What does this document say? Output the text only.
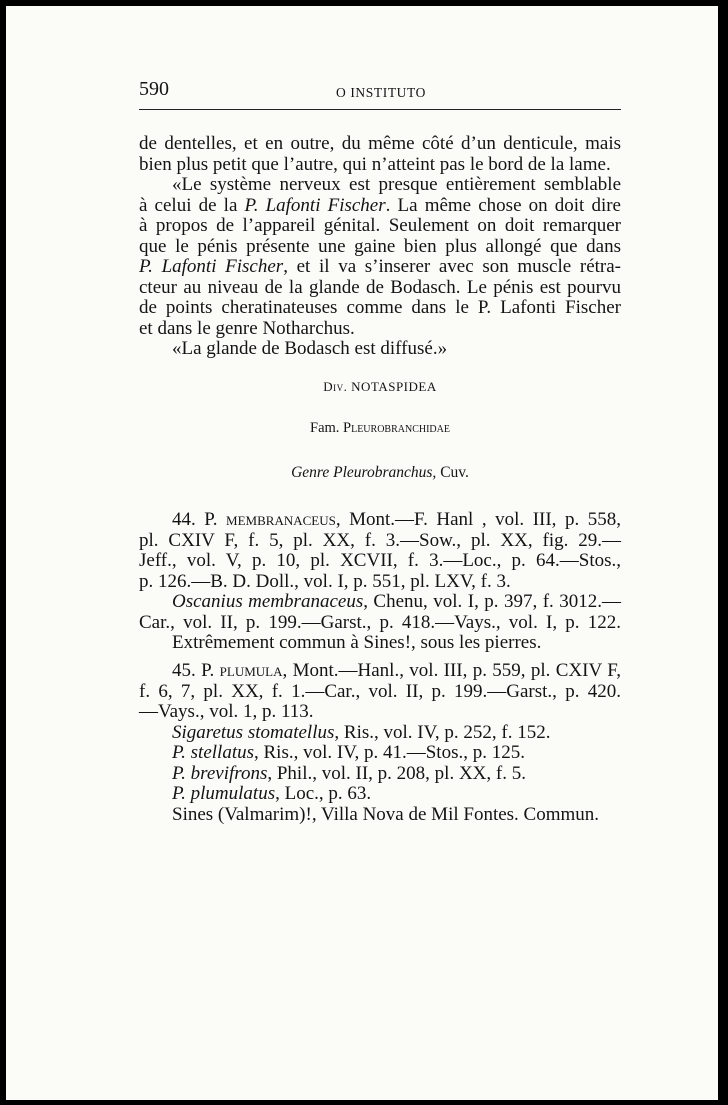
590	O INSTITUTO
de dentelles, et en outre, du même côté d’un denticule, mais
bien plus petit que l’autre, qui n’atteint pas le bord de la lame.
«Le système nerveux est presque entièrement semblable
à celui de la P. Lafonti Fischer. La même chose on doit dire
à propos de l’appareil génital. Seulement on doit remarquer
que le pénis présente une gaine bien plus allongé que dans
P. Lafonti Fischer, et il va s’inserer avec son muscle rétra-
cteur au niveau de la glande de Bodasch. Le pénis est pourvu
de points cheratinateuses comme dans le P. Lafonti Fischer
et dans le genre Notharchus.
«La glande de Bodasch est diffusé.»
Div. NOTASPIDEA
Fam. Pleurobranchidae
Genre Pleurobranchus, Cuv.
44. P. membranaceus, Mont.—F. Hanl , vol. III, p. 558,
pl. CXIV F, f. 5, pl. XX, f. 3.—Sow., pl. XX, fig. 29.—
Jeff., vol. V, p. 10, pl. XCVII, f. 3.—Loc., p. 64.—Stos.,
p. 126.—B. D. Doll., vol. I, p. 551, pl. LXV, f. 3.
Oscanius membranaceus, Chenu, vol. I, p. 397, f. 3012.—
Car., vol. II, p. 199.—Garst., p. 418.—Vays., vol. I, p. 122.
Extrêmement commun à Sines!, sous les pierres.
45. P. plumula, Mont.—Hanl., vol. III, p. 559, pl. CXIV F,
f. 6, 7, pl. XX, f. 1.—Car., vol. II, p. 199.—Garst., p. 420.
—Vays., vol. 1, p. 113.
Sigaretus stomatellus, Ris., vol. IV, p. 252, f. 152.
P. stellatus, Ris., vol. IV, p. 41.—Stos., p. 125.
P. brevifrons, Phil., vol. II, p. 208, pl. XX, f. 5.
P. plumulatus, Loc., p. 63.
Sines (Valmarim)!, Villa Nova de Mil Fontes. Commun.
